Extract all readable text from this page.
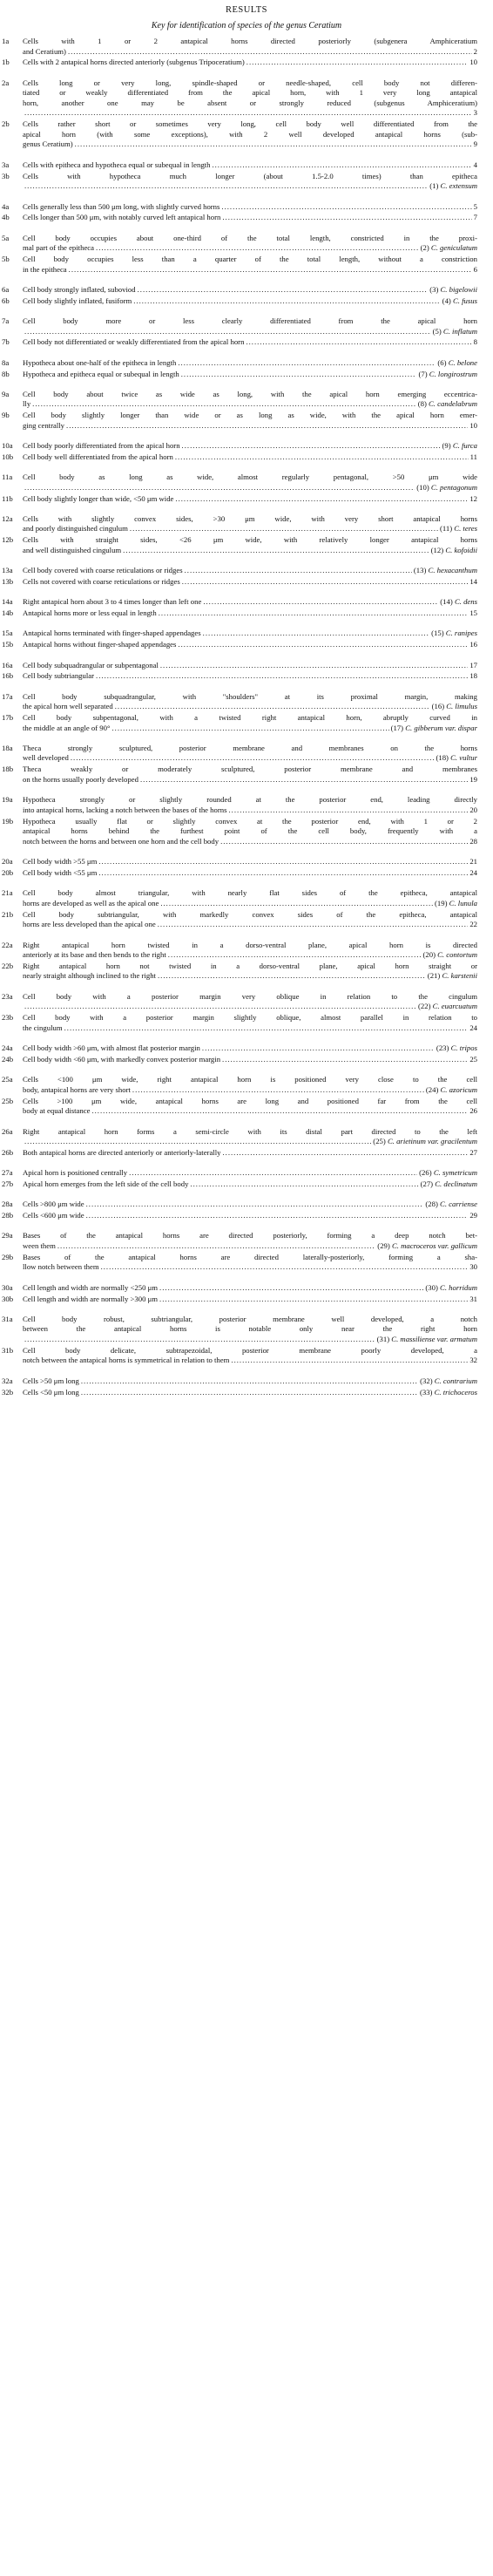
RESULTS
Key for identification of species of the genus Ceratium
1a	Cells with 1 or 2 antapical horns directed posteriorly (subgenera Amphiceratium
and Ceratium) .....	2
1b	Cells with 2 antapical horns directed anteriorly (subgenus Tripoceratium) .....	10
2a	Cells long or very long, spindle-shaped or needle-shaped, cell body not differen-
tiated or weakly differentiated from the apical horn, with 1 very long antapical
horn, another one may be absent or strongly reduced (subgenus Amphiceratium)
.....
3
2b	Cells rather short or sometimes very long, cell body well differentiated from the
apical horn (with some exceptions), with 2 well developed antapical horns (sub-
genus Ceratium) .....	9
3a	Cells with epitheca and hypotheca equal or subequal in length .....	4
3b	Cells with hypotheca much longer (about 1.5-2.0 times) than epitheca
.....
(1) C. extensum
4a	Cells generally less than 500 μm long, with slightly curved horns .....	5
4b	Cells longer than 500 μm, with notably curved left antapical horn .....	7
5a	Cell body occupies about one-third of the total length, constricted in the proxi-
mal part of the epitheca .....	(2) C. geniculatum
5b	Cell body occupies less than a quarter of the total length, without a constriction
in the epitheca .....	6
6a	Cell body strongly inflated, suboviod .....	(3) C. bigelowii
6b	Cell body slightly inflated, fusiform .....	(4) C. fusus
7a	Cell body more or less clearly differentiated from the apical horn
.....
(5) C. inflatum
7b	Cell body not differentiated or weakly differentiated from the apical horn .....	8
8a	Hypotheca about one-half of the epitheca in length .....	(6) C. belone
8b	Hypotheca and epitheca equal or subequal in length .....	(7) C. longirostrum
9a	Cell body about twice as wide as long, with the apical horn emerging eccentrica-
lly .....	(8) C. candelabrum
9b	Cell body slightly longer than wide or as long as wide, with the apical horn emer-
ging centrally .....	10
10a	Cell body poorly differentiated from the apical horn .....	(9) C. furca
10b	Cell body well differentiated from the apical horn .....	11
11a	Cell body as long as wide, almost regularly pentagonal, >50 μm wide
.....
(10) C. pentagonum
11b	Cell body slightly longer than wide, <50 μm wide .....	12
12a	Cells with slightly convex sides, >30 μm wide, with very short antapical horns
and poorly distinguished cingulum .....	(11) C. teres
12b	Cells with straight sides, <26 μm wide, with relatively longer antapical horns
and well distinguished cingulum .....	(12) C. kofoidii
13a	Cell body covered with coarse reticulations or ridges .....	(13) C. hexacanthum
13b	Cells not covered with coarse reticulations or ridges .....	14
14a	Right antapical horn about 3 to 4 times longer than left one .....	(14) C. dens
14b	Antapical horns more or less equal in length .....	15
15a	Antapical horns terminated with finger-shaped appendages .....	(15) C. ranipes
15b	Antapical horns without finger-shaped appendages .....	16
16a	Cell body subquadrangular or subpentagonal .....	17
16b	Cell body subtriangular .....	18
17a	Cell body subquadrangular, with "shoulders" at its proximal margin, making
the apical horn well separated .....	(16) C. limulus
17b	Cell body subpentagonal, with a twisted right antapical horn, abruptly curved in
the middle at an angle of 90° .....	(17) C. gibberum var. dispar
18a	Theca strongly sculptured, posterior membrane and membranes on the horns
well developed .....	(18) C. vultur
18b	Theca weakly or moderately sculptured, posterior membrane and membranes
on the horns usually poorly developed .....	19
19a	Hypotheca strongly or slightly rounded at the posterior end, leading directly
into antapical horns, lacking a notch between the bases of the horns .....	20
19b	Hypotheca usually flat or slightly convex at the posterior end, with 1 or 2
antapical horns behind the furthest point of the cell body, frequently with a
notch between the horns and between one horn and the cell body .....	28
20a	Cell body width >55 μm .....	21
20b	Cell body width <55 μm .....	24
21a	Cell body almost triangular, with nearly flat sides of the epitheca, antapical
horns are developed as well as the apical one .....	(19) C. lunula
21b	Cell body subtriangular, with markedly convex sides of the epitheca, antapical
horns are less developed than the apical one .....	22
22a	Right antapical horn twisted in a dorso-ventral plane, apical horn is directed
anteriorly at its base and then bends to the right .....	(20) C. contortum
22b	Right antapical horn not twisted in a dorso-ventral plane, apical horn straight or
nearly straight although inclined to the right .....	(21) C. karstenii
23a	Cell body with a posterior margin very oblique in relation to the cingulum
.....
(22) C. euarcuatum
23b	Cell body with a posterior margin slightly oblique, almost parallel in relation to
the cingulum .....	24
24a	Cell body width >60 μm, with almost flat posterior margin .....	(23) C. tripos
24b	Cell body width <60 μm, with markedly convex posterior margin .....	25
25a	Cells <100 μm wide, right antapical horn is positioned very close to the cell
body, antapical horns are very short .....	(24) C. azoricum
25b	Cells >100 μm wide, antapical horns are long and positioned far from the cell
body at equal distance .....	26
26a	Right antapical horn forms a semi-circle with its distal part directed to the left
.....
(25) C. arietinum var. gracilentum
26b	Both antapical horns are directed anteriorly or anteriorly-laterally .....	27
27a	Apical horn is positioned centrally .....	(26) C. symetricum
27b	Apical horn emerges from the left side of the cell body .....	(27) C. declinatum
28a	Cells >800 μm wide .....	(28) C. carriense
28b	Cells <600 μm wide .....	29
29a	Bases of the antapical horns are directed posteriorly, forming a deep notch bet-
ween them .....	(29) C. macroceros var. gallicum
29b	Bases of the antapical horns are directed laterally-posteriorly, forming a sha-
llow notch between them .....	30
30a	Cell length and width are normally <250 μm .....	(30) C. horridum
30b	Cell length and width are normally >300 μm .....	31
31a	Cell body robust, subtriangular, posterior membrane well developed, a notch
between the antapical horns is notable only near the right horn
.....
(31) C. massiliense var. armatum
31b	Cell body delicate, subtrapezoidal, posterior membrane poorly developed, a
notch between the antapical horns is symmetrical in relation to them .....	32
32a	Cells >50 μm long .....	(32) C. contrarium
32b	Cells <50 μm long .....	(33) C. trichoceros
